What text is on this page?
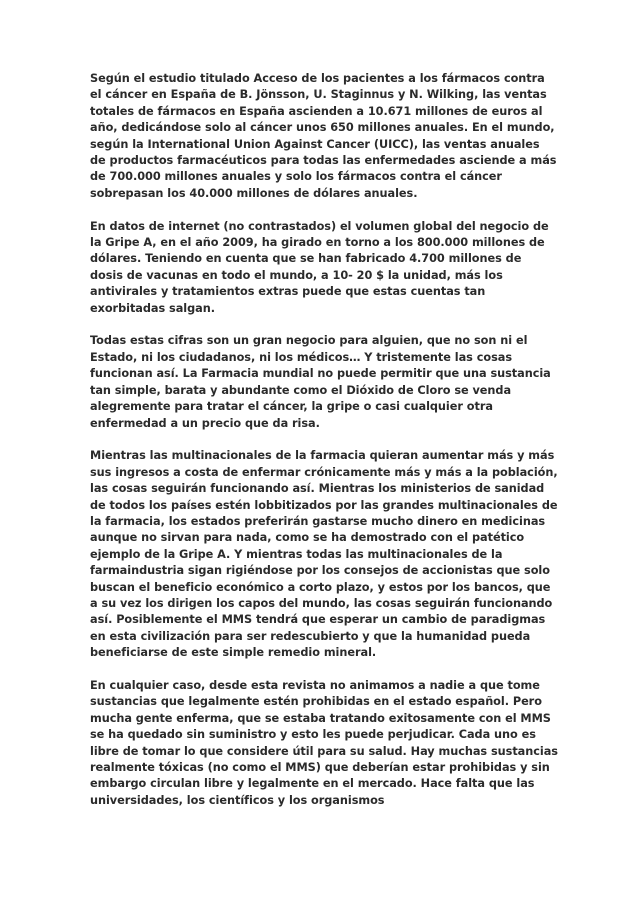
Según el estudio titulado Acceso de los pacientes a los fármacos contra el cáncer en España de B. Jönsson, U. Staginnus y N. Wilking, las ventas totales de fármacos en España ascienden a 10.671 millones de euros al año, dedicándose solo al cáncer unos 650 millones anuales. En el mundo, según la International Union Against Cancer (UICC), las ventas anuales de productos farmacéuticos para todas las enfermedades asciende a más de 700.000 millones anuales y solo los fármacos contra el cáncer sobrepasan los 40.000 millones de dólares anuales.

En datos de internet (no contrastados) el volumen global del negocio de la Gripe A, en el año 2009, ha girado en torno a los 800.000 millones de dólares. Teniendo en cuenta que se han fabricado 4.700 millones de dosis de vacunas en todo el mundo, a 10- 20 $ la unidad, más los antivirales y tratamientos extras puede que estas cuentas tan exorbitadas salgan.

Todas estas cifras son un gran negocio para alguien, que no son ni el Estado, ni los ciudadanos, ni los médicos… Y tristemente las cosas funcionan así. La Farmacia mundial no puede permitir que una sustancia tan simple, barata y abundante como el Dióxido de Cloro se venda alegremente para tratar el cáncer, la gripe o casi cualquier otra enfermedad a un precio que da risa.

Mientras las multinacionales de la farmacia quieran aumentar más y más sus ingresos a costa de enfermar crónicamente más y más a la población, las cosas seguirán funcionando así. Mientras los ministerios de sanidad de todos los países estén lobbitizados por las grandes multinacionales de la farmacia, los estados preferirán gastarse mucho dinero en medicinas aunque no sirvan para nada, como se ha demostrado con el patético ejemplo de la Gripe A. Y mientras todas las multinacionales de la farmaindustria sigan rigiéndose por los consejos de accionistas que solo buscan el beneficio económico a corto plazo, y estos por los bancos, que a su vez los dirigen los capos del mundo, las cosas seguirán funcionando así. Posiblemente el MMS tendrá que esperar un cambio de paradigmas en esta civilización para ser redescubierto y que la humanidad pueda beneficiarse de este simple remedio mineral.

En cualquier caso, desde esta revista no animamos a nadie a que tome sustancias que legalmente estén prohibidas en el estado español. Pero mucha gente enferma, que se estaba tratando exitosamente con el MMS se ha quedado sin suministro y esto les puede perjudicar. Cada uno es libre de tomar lo que considere útil para su salud. Hay muchas sustancias realmente tóxicas (no como el MMS) que deberían estar prohibidas y sin embargo circulan libre y legalmente en el mercado. Hace falta que las universidades, los científicos y los organismos
